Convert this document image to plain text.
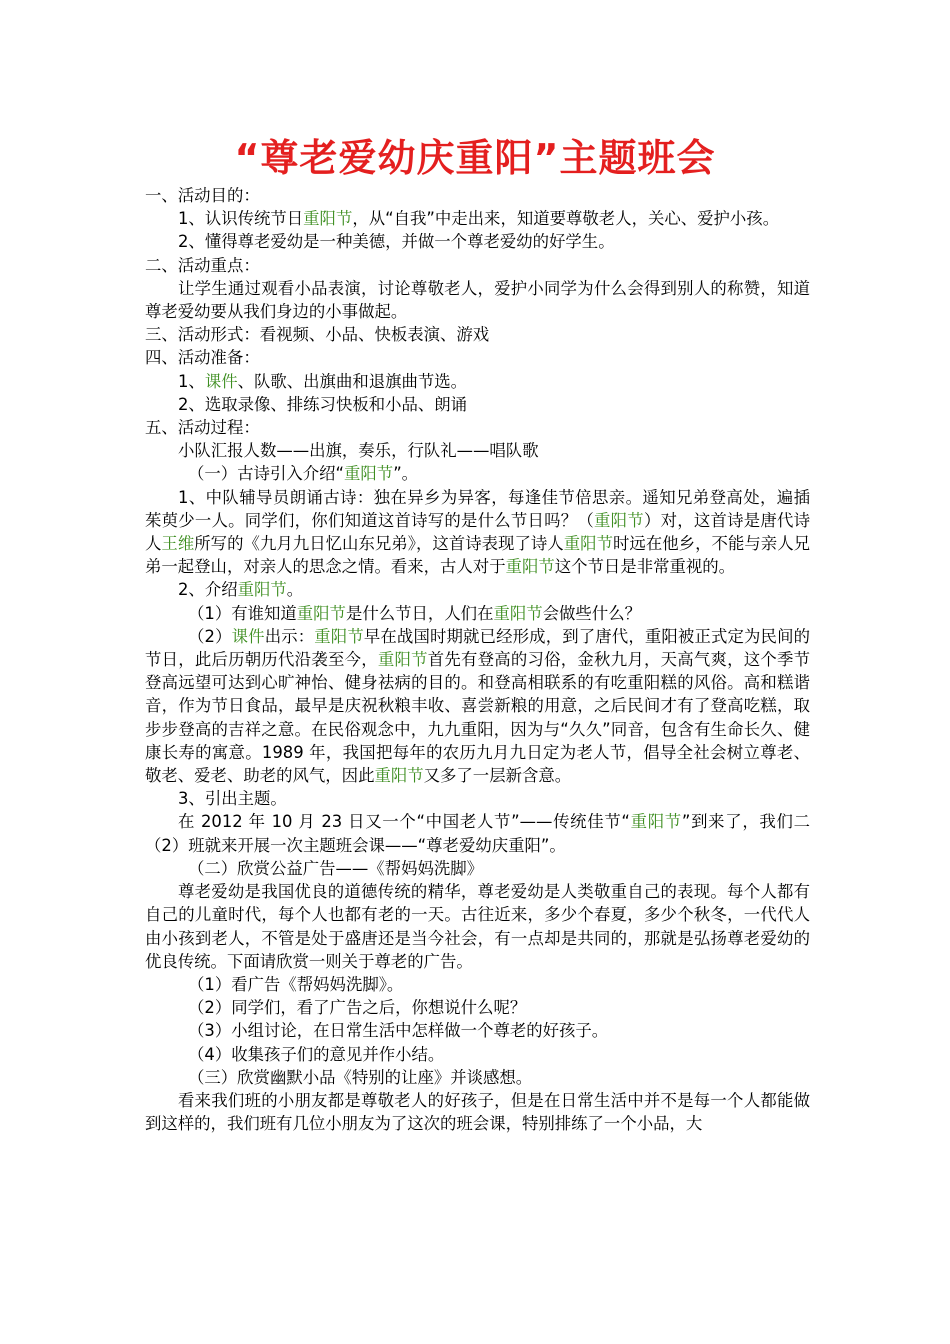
“尊老爱幼庆重阳”主题班会

一、活动目的：

1、认识传统节日重阳节，从“自我”中走出来，知道要尊敬老人，关心、爱护小孩。

2、懂得尊老爱幼是一种美德，并做一个尊老爱幼的好学生。

二、活动重点：

让学生通过观看小品表演，讨论尊敬老人，爱护小同学为什么会得到别人的称赞，知道尊老爱幼要从我们身边的小事做起。

三、活动形式：看视频、小品、快板表演、游戏

四、活动准备：

1、课件、队歌、出旗曲和退旗曲节选。

2、选取录像、排练习快板和小品、朗诵

五、活动过程：

小队汇报人数——出旗，奏乐，行队礼——唱队歌

（一）古诗引入介绍“重阳节”。

1、中队辅导员朗诵古诗：独在异乡为异客，每逢佳节倍思亲。遥知兄弟登高处，遍插茱萸少一人。同学们，你们知道这首诗写的是什么节日吗？（重阳节）对，这首诗是唐代诗人王维所写的《九月九日忆山东兄弟》，这首诗表现了诗人重阳节时远在他乡，不能与亲人兄弟一起登山，对亲人的思念之情。看来，古人对于重阳节这个节日是非常重视的。

2、介绍重阳节。

（1）有谁知道重阳节是什么节日，人们在重阳节会做些什么？

（2）课件出示：重阳节早在战国时期就已经形成，到了唐代，重阳被正式定为民间的节日，此后历朝历代沿袭至今，重阳节首先有登高的习俗，金秋九月，天高气爽，这个季节登高远望可达到心旷神怡、健身祛病的目的。和登高相联系的有吃重阳糕的风俗。高和糕谐音，作为节日食品，最早是庆祝秋粮丰收、喜尝新粮的用意，之后民间才有了登高吃糕，取步步登高的吉祥之意。在民俗观念中，九九重阳，因为与“久久”同音，包含有生命长久、健康长寿的寓意。1989 年，我国把每年的农历九月九日定为老人节，倡导全社会树立尊老、敬老、爱老、助老的风气，因此重阳节又多了一层新含意。

3、引出主题。

在 2012 年 10 月 23 日又一个“中国老人节”——传统佳节“重阳节”到来了，我们二（2）班就来开展一次主题班会课——“尊老爱幼庆重阳”。

（二）欣赏公益广告——《帮妈妈洗脚》

尊老爱幼是我国优良的道德传统的精华，尊老爱幼是人类敬重自己的表现。每个人都有自己的儿童时代，每个人也都有老的一天。古往近来，多少个春夏，多少个秋冬，一代代人由小孩到老人，不管是处于盛唐还是当今社会，有一点却是共同的，那就是弘扬尊老爱幼的优良传统。下面请欣赏一则关于尊老的广告。

（1）看广告《帮妈妈洗脚》。

（2）同学们，看了广告之后，你想说什么呢？

（3）小组讨论，在日常生活中怎样做一个尊老的好孩子。

（4）收集孩子们的意见并作小结。

（三）欣赏幽默小品《特别的让座》并谈感想。

看来我们班的小朋友都是尊敬老人的好孩子，但是在日常生活中并不是每一个人都能做到这样的，我们班有几位小朋友为了这次的班会课，特别排练了一个小品，大
